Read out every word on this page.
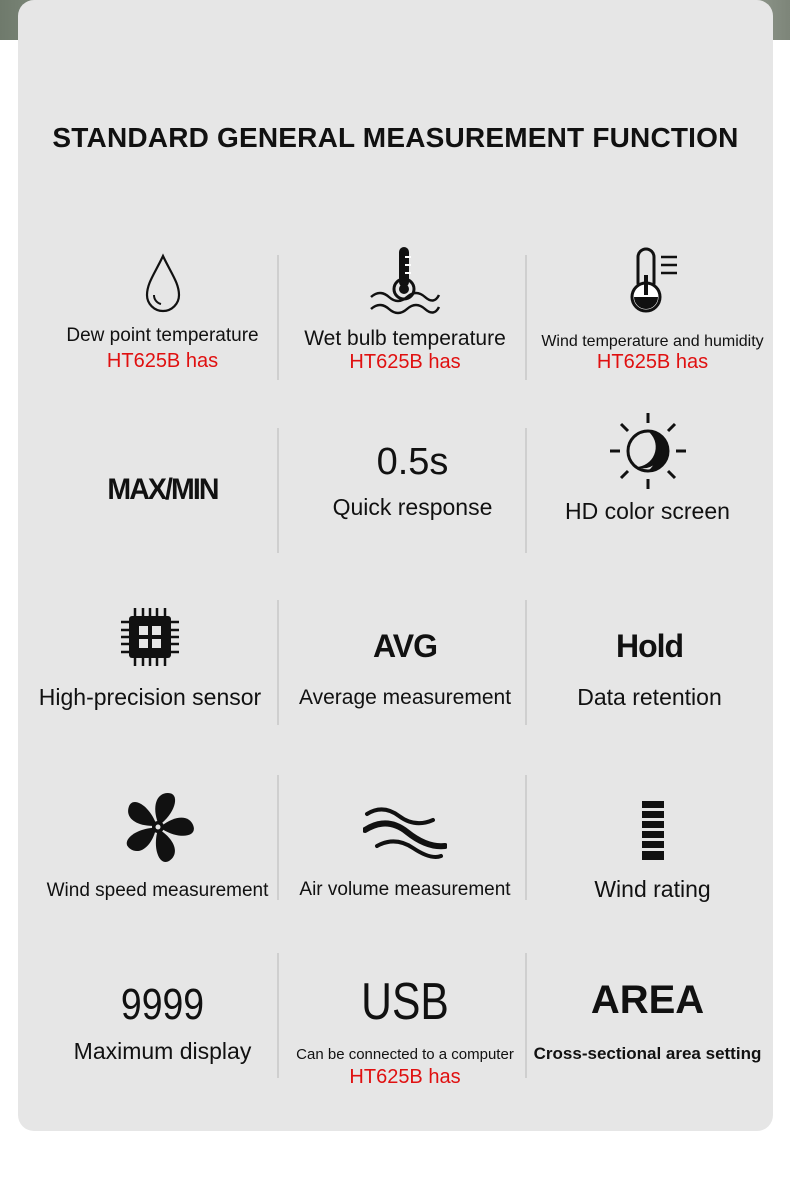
STANDARD GENERAL MEASUREMENT FUNCTION
Dew point temperature
HT625B has
Wet bulb temperature
HT625B has
Wind temperature and humidity
HT625B has
MAX/MIN
0.5s
Quick response	HD color screen
High-precision sensor
AVG
Average measurement
Hold
Data retention
Wind speed measurement	Air volume measurement	Wind rating
9999
Maximum display
USB
Can be connected to a computer
HT625B has
AREA
Cross-sectional area setting
